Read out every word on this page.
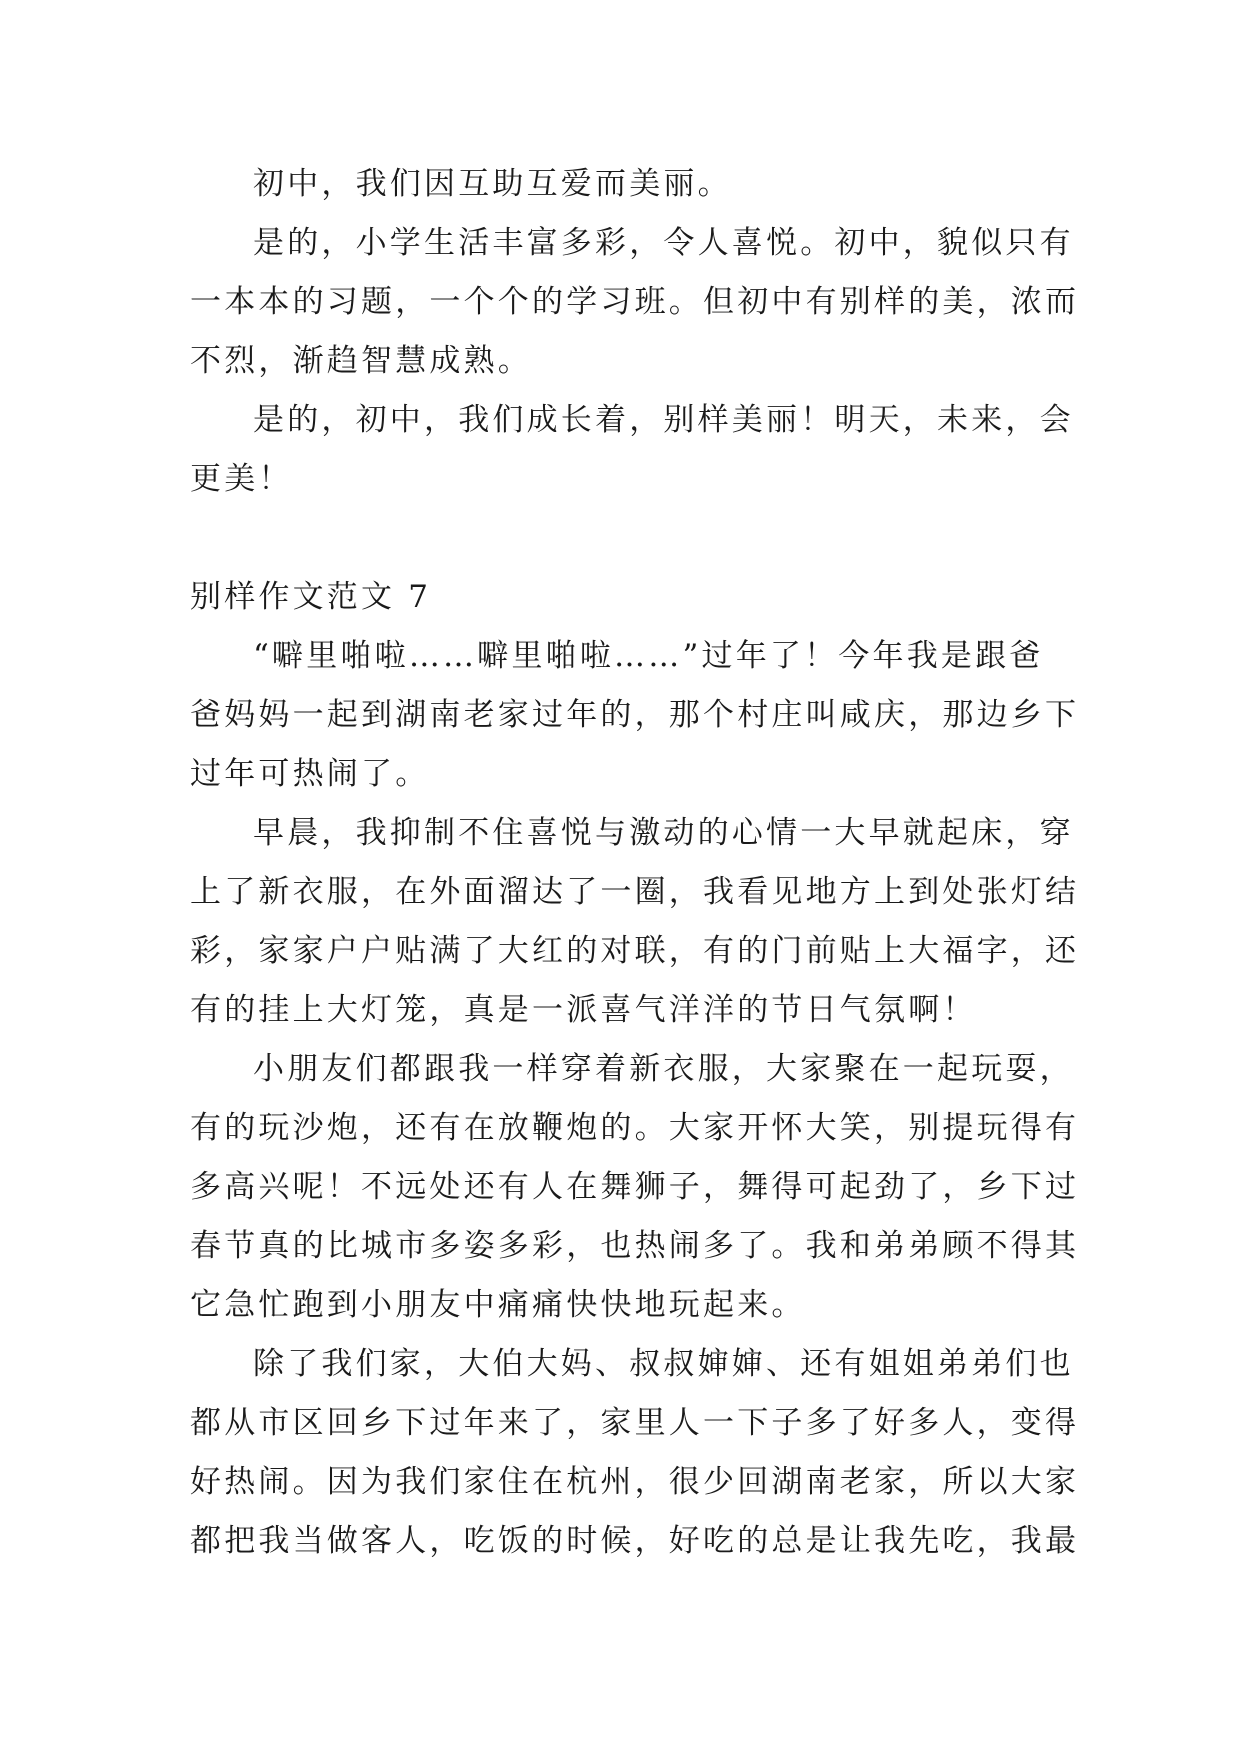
初中，我们因互助互爱而美丽。
是的，小学生活丰富多彩，令人喜悦。初中，貌似只有
一本本的习题，一个个的学习班。但初中有别样的美，浓而
不烈，渐趋智慧成熟。
是的，初中，我们成长着，别样美丽！明天，未来，会
更美！
别样作文范文 7
“噼里啪啦……噼里啪啦……”过年了！今年我是跟爸
爸妈妈一起到湖南老家过年的，那个村庄叫咸庆，那边乡下
过年可热闹了。
早晨，我抑制不住喜悦与激动的心情一大早就起床，穿
上了新衣服，在外面溜达了一圈，我看见地方上到处张灯结
彩，家家户户贴满了大红的对联，有的门前贴上大福字，还
有的挂上大灯笼，真是一派喜气洋洋的节日气氛啊！
小朋友们都跟我一样穿着新衣服，大家聚在一起玩耍，
有的玩沙炮，还有在放鞭炮的。大家开怀大笑，别提玩得有
多高兴呢！不远处还有人在舞狮子，舞得可起劲了，乡下过
春节真的比城市多姿多彩，也热闹多了。我和弟弟顾不得其
它急忙跑到小朋友中痛痛快快地玩起来。
除了我们家，大伯大妈、叔叔婶婶、还有姐姐弟弟们也
都从市区回乡下过年来了，家里人一下子多了好多人，变得
好热闹。因为我们家住在杭州，很少回湖南老家，所以大家
都把我当做客人，吃饭的时候，好吃的总是让我先吃，我最
